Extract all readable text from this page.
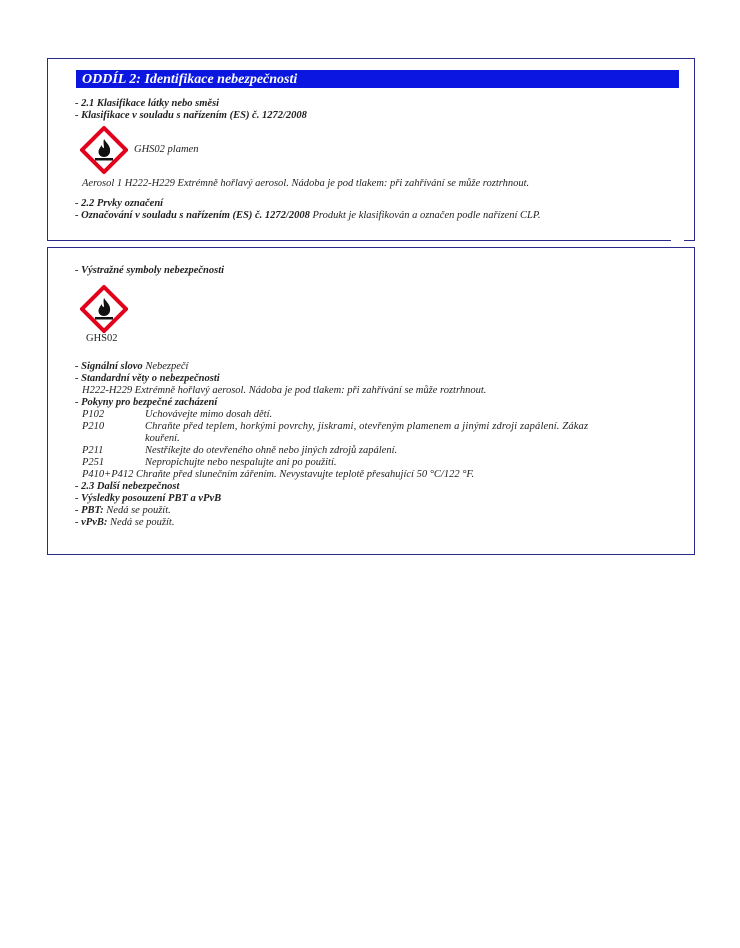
ODDÍL 2: Identifikace nebezpečnosti
- 2.1 Klasifikace látky nebo směsi
- Klasifikace v souladu s nařízením (ES) č. 1272/2008
GHS02 plamen
Aerosol 1 H222-H229 Extrémně hořlavý aerosol. Nádoba je pod tlakem: při zahřívání se může roztrhnout.
- 2.2 Prvky označení
- Označování v souladu s nařízením (ES) č. 1272/2008 Produkt je klasifikován a označen podle nařízení CLP.
- Výstražné symboly nebezpečnosti
GHS02
- Signální slovo Nebezpečí
- Standardní věty o nebezpečnosti
H222-H229 Extrémně hořlavý aerosol. Nádoba je pod tlakem: při zahřívání se může roztrhnout.
- Pokyny pro bezpečné zacházení
P102	Uchovávejte mimo dosah dětí.
P210	Chraňte před teplem, horkými povrchy, jiskrami, otevřeným plamenem a jinými zdroji zapálení. Zákaz
kouření.
P211	Nestříkejte do otevřeného ohně nebo jiných zdrojů zapálení.
P251	Nepropichujte nebo nespalujte ani po použití.
P410+P412 Chraňte před slunečním zářením. Nevystavujte teplotě přesahující 50 °C/122 °F.
- 2.3 Další nebezpečnost
- Výsledky posouzení PBT a vPvB
- PBT: Nedá se použít.
- vPvB: Nedá se použít.
